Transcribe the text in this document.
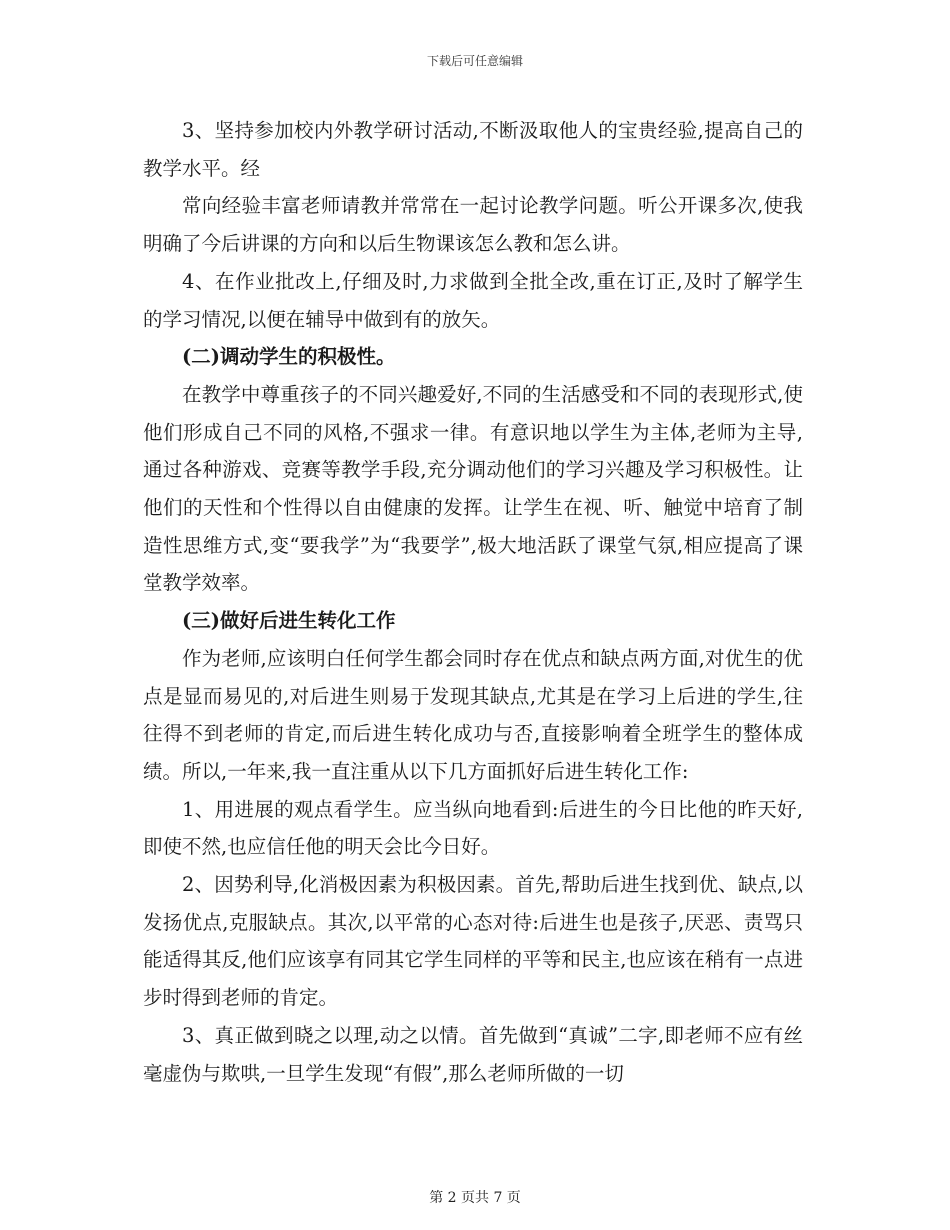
下载后可任意编辑

3、坚持参加校内外教学研讨活动,不断汲取他人的宝贵经验,提高自己的教学水平。经

常向经验丰富老师请教并常常在一起讨论教学问题。听公开课多次,使我明确了今后讲课的方向和以后生物课该怎么教和怎么讲。

4、在作业批改上,仔细及时,力求做到全批全改,重在订正,及时了解学生的学习情况,以便在辅导中做到有的放矢。

(二)调动学生的积极性。

在教学中尊重孩子的不同兴趣爱好,不同的生活感受和不同的表现形式,使他们形成自己不同的风格,不强求一律。有意识地以学生为主体,老师为主导,通过各种游戏、竞赛等教学手段,充分调动他们的学习兴趣及学习积极性。让他们的天性和个性得以自由健康的发挥。让学生在视、听、触觉中培育了制造性思维方式,变“要我学”为“我要学”,极大地活跃了课堂气氛,相应提高了课堂教学效率。

(三)做好后进生转化工作

作为老师,应该明白任何学生都会同时存在优点和缺点两方面,对优生的优点是显而易见的,对后进生则易于发现其缺点,尤其是在学习上后进的学生,往往得不到老师的肯定,而后进生转化成功与否,直接影响着全班学生的整体成绩。所以,一年来,我一直注重从以下几方面抓好后进生转化工作:

1、用进展的观点看学生。应当纵向地看到:后进生的今日比他的昨天好,即使不然,也应信任他的明天会比今日好。

2、因势利导,化消极因素为积极因素。首先,帮助后进生找到优、缺点,以发扬优点,克服缺点。其次,以平常的心态对待:后进生也是孩子,厌恶、责骂只能适得其反,他们应该享有同其它学生同样的平等和民主,也应该在稍有一点进步时得到老师的肯定。

3、真正做到晓之以理,动之以情。首先做到“真诚”二字,即老师不应有丝毫虚伪与欺哄,一旦学生发现“有假”,那么老师所做的一切

第 2 页共 7 页
